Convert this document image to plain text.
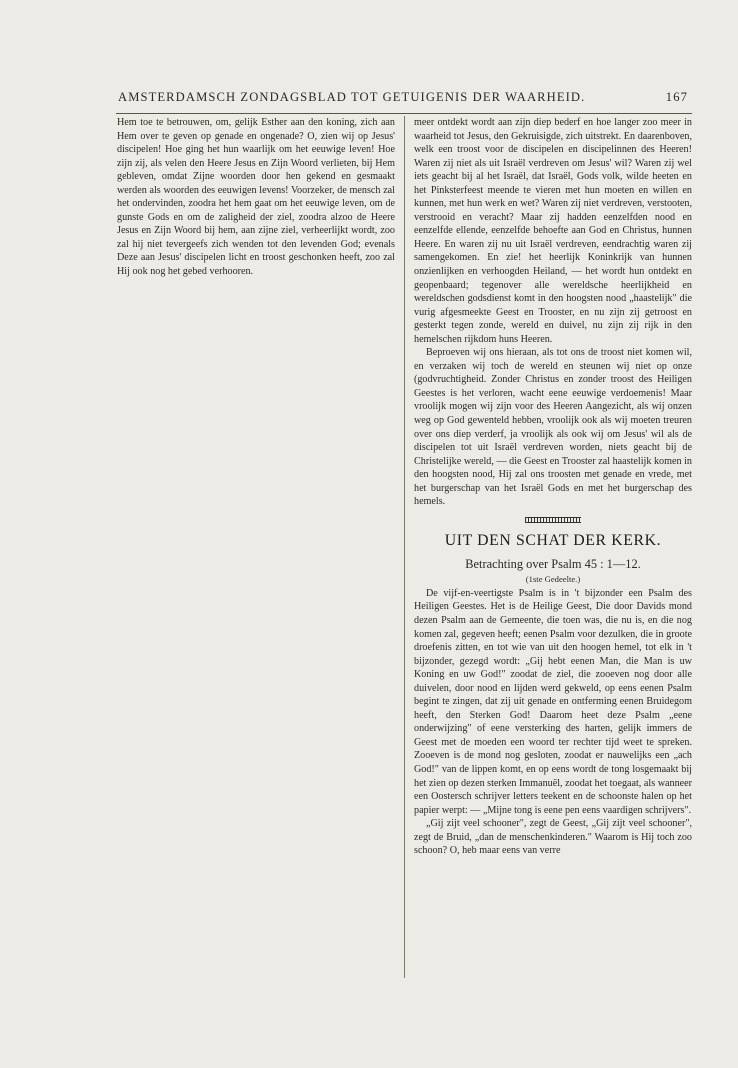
AMSTERDAMSCH ZONDAGSBLAD TOT GETUIGENIS DER WAARHEID.	167

Hem toe te betrouwen, om, gelijk Esther aan den koning, zich aan Hem over te geven op genade en ongenade? O, zien wij op Jesus' discipelen! Hoe ging het hun waarlijk om het eeuwige leven! Hoe zijn zij, als velen den Heere Jesus en Zijn Woord verlieten, bij Hem gebleven, omdat Zijne woorden door hen gekend en gesmaakt werden als woorden des eeuwigen levens! Voorzeker, de mensch zal het ondervinden, zoodra het hem gaat om het eeuwige leven, om de gunste Gods en om de zaligheid der ziel, zoodra alzoo de Heere Jesus en Zijn Woord bij hem, aan zijne ziel, verheerlijkt wordt, zoo zal hij niet tevergeefs zich wenden tot den levenden God; evenals Deze aan Jesus' discipelen licht en troost geschonken heeft, zoo zal Hij ook nog het gebed verhooren.

meer ontdekt wordt aan zijn diep bederf en hoe langer zoo meer in waarheid tot Jesus, den Gekruisigde, zich uitstrekt. En daarenboven, welk een troost voor de discipelen en discipelinnen des Heeren! Waren zij niet als uit Israël verdreven om Jesus' wil? Waren zij wel iets geacht bij al het Israël, dat Israël, Gods volk, wilde heeten en het Pinksterfeest meende te vieren met hun moeten en willen en kunnen, met hun werk en wet? Waren zij niet verdreven, verstooten, verstrooid en veracht? Maar zij hadden eenzelfden nood en eenzelfde ellende, eenzelfde behoefte aan God en Christus, hunnen Heere. En waren zij nu uit Israël verdreven, eendrachtig waren zij samengekomen. En zie! het heerlijk Koninkrijk van hunnen onzienlijken en verhoogden Heiland, — het wordt hun ontdekt en geopenbaard; tegenover alle wereldsche heerlijkheid en wereldschen godsdienst komt in den hoogsten nood „haastelijk" die vurig afgesmeekte Geest en Trooster, en nu zijn zij getroost en gesterkt tegen zonde, wereld en duivel, nu zijn zij rijk in den hemelschen rijkdom huns Heeren.

Beproeven wij ons hieraan, als tot ons de troost niet komen wil, en verzaken wij toch de wereld en steunen wij niet op onze (godvruchtigheid. Zonder Christus en zonder troost des Heiligen Geestes is het verloren, wacht eene eeuwige verdoemenis! Maar vroolijk mogen wij zijn voor des Heeren Aangezicht, als wij onzen weg op God gewenteld hebben, vroolijk ook als wij moeten treuren over ons diep verderf, ja vroolijk als ook wij om Jesus' wil als de discipelen tot uit Israël verdreven worden, niets geacht bij de Christelijke wereld, — die Geest en Trooster zal haastelijk komen in den hoogsten nood, Hij zal ons troosten met genade en vrede, met het burgerschap van het Israël Gods en met het burgerschap des hemels.

UIT DEN SCHAT DER KERK.
Betrachting over Psalm 45 : 1—12.
(1ste Gedeelte.)

De vijf-en-veertigste Psalm is in 't bijzonder een Psalm des Heiligen Geestes. Het is de Heilige Geest, Die door Davids mond dezen Psalm aan de Gemeente, die toen was, die nu is, en die nog komen zal, gegeven heeft; eenen Psalm voor dezulken, die in groote droefenis zitten, en tot wie van uit den hoogen hemel, tot elk in 't bijzonder, gezegd wordt: „Gij hebt eenen Man, die Man is uw Koning en uw God!" zoodat de ziel, die zooeven nog door alle duivelen, door nood en lijden werd gekweld, op eens eenen Psalm begint te zingen, dat zij uit genade en ontferming eenen Bruidegom heeft, den Sterken God! Daarom heet deze Psalm „eene onderwijzing" of eene versterking des harten, gelijk immers de Geest met de moeden een woord ter rechter tijd weet te spreken. Zooeven is de mond nog gesloten, zoodat er nauwelijks een „ach God!" van de lippen komt, en op eens wordt de tong losgemaakt bij het zien op dezen sterken Immanuël, zoodat het toegaat, als wanneer een Oostersch schrijver letters teekent en de schoonste halen op het papier werpt: — „Mijne tong is eene pen eens vaardigen schrijvers".

„Gij zijt veel schooner", zegt de Geest, „Gij zijt veel schooner", zegt de Bruid, „dan de menschenkinderen." Waarom is Hij toch zoo schoon? O, heb maar eens van verre
